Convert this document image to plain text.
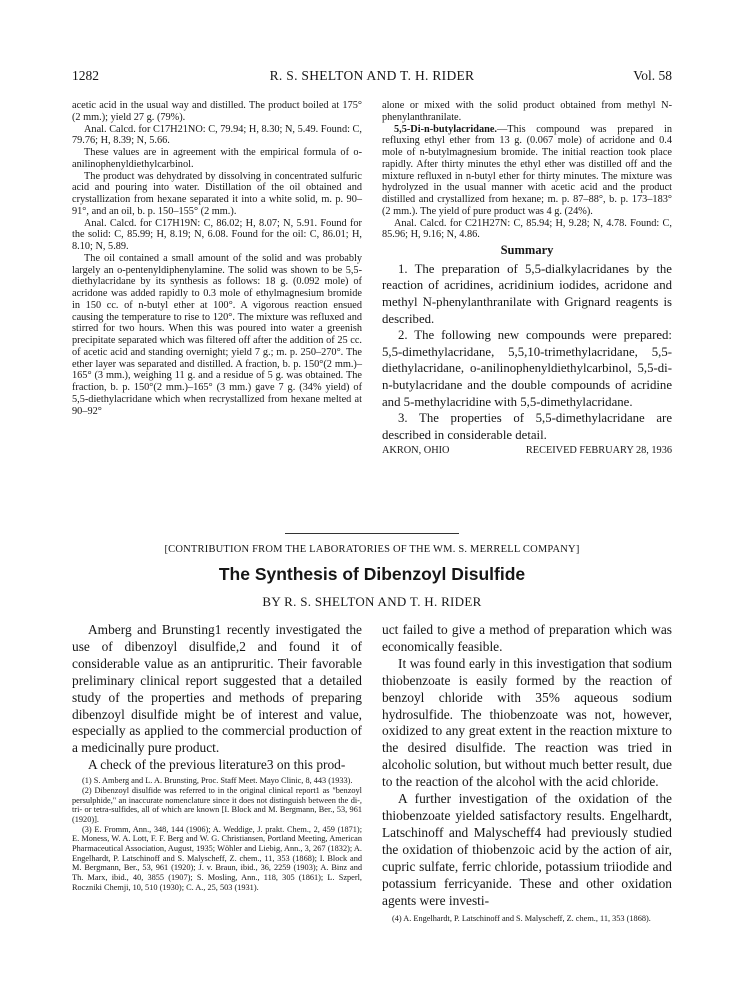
1282	R. S. SHELTON AND T. H. RIDER	Vol. 58

acetic acid in the usual way and distilled. The product boiled at 175° (2 mm.); yield 27 g. (79%).

Anal. Calcd. for C17H21NO: C, 79.94; H, 8.30; N, 5.49. Found: C, 79.76; H, 8.39; N, 5.66.

These values are in agreement with the empirical formula of o-anilinophenyldiethylcarbinol.

The product was dehydrated by dissolving in concentrated sulfuric acid and pouring into water. Distillation of the oil obtained and crystallization from hexane separated it into a white solid, m. p. 90–91°, and an oil, b. p. 150–155° (2 mm.).

Anal. Calcd. for C17H19N: C, 86.02; H, 8.07; N, 5.91. Found for the solid: C, 85.99; H, 8.19; N, 6.08. Found for the oil: C, 86.01; H, 8.10; N, 5.89.

The oil contained a small amount of the solid and was probably largely an o-pentenyldiphenylamine. The solid was shown to be 5,5-diethylacridane by its synthesis as follows: 18 g. (0.092 mole) of acridone was added rapidly to 0.3 mole of ethylmagnesium bromide in 150 cc. of n-butyl ether at 100°. A vigorous reaction ensued causing the temperature to rise to 120°. The mixture was refluxed and stirred for two hours. When this was poured into water a greenish precipitate separated which was filtered off after the addition of 25 cc. of acetic acid and standing overnight; yield 7 g.; m. p. 250–270°. The ether layer was separated and distilled. A fraction, b. p. 150°(2 mm.)–165° (3 mm.), weighing 11 g. and a residue of 5 g. was obtained. The fraction, b. p. 150°(2 mm.)–165° (3 mm.) gave 7 g. (34% yield) of 5,5-diethylacridane which when recrystallized from hexane melted at 90–92°

alone or mixed with the solid product obtained from methyl N-phenylanthranilate.

5,5-Di-n-butylacridane.—This compound was prepared in refluxing ethyl ether from 13 g. (0.067 mole) of acridone and 0.4 mole of n-butylmagnesium bromide. The initial reaction took place rapidly. After thirty minutes the ethyl ether was distilled off and the mixture refluxed in n-butyl ether for thirty minutes. The mixture was hydrolyzed in the usual manner with acetic acid and the product distilled and crystallized from hexane; m. p. 87–88°, b. p. 173–183° (2 mm.). The yield of pure product was 4 g. (24%).

Anal. Calcd. for C21H27N: C, 85.94; H, 9.28; N, 4.78. Found: C, 85.96; H, 9.16; N, 4.86.

Summary

1. The preparation of 5,5-dialkylacridanes by the reaction of acridines, acridinium iodides, acridone and methyl N-phenylanthranilate with Grignard reagents is described.

2. The following new compounds were prepared: 5,5-dimethylacridane, 5,5,10-trimethylacridane, 5,5-diethylacridane, o-anilinophenyldiethylcarbinol, 5,5-di-n-butylacridane and the double compounds of acridine and 5-methylacridine with 5,5-dimethylacridane.

3. The properties of 5,5-dimethylacridane are described in considerable detail.

AKRON, OHIO	RECEIVED FEBRUARY 28, 1936
[CONTRIBUTION FROM THE LABORATORIES OF THE WM. S. MERRELL COMPANY]
The Synthesis of Dibenzoyl Disulfide
BY R. S. SHELTON AND T. H. RIDER

Amberg and Brunsting1 recently investigated the use of dibenzoyl disulfide,2 and found it of considerable value as an antipruritic. Their favorable preliminary clinical report suggested that a detailed study of the properties and methods of preparing dibenzoyl disulfide might be of interest and value, especially as applied to the commercial production of a medicinally pure product.

A check of the previous literature3 on this prod-

(1) S. Amberg and L. A. Brunsting, Proc. Staff Meet. Mayo Clinic, 8, 443 (1933).

(2) Dibenzoyl disulfide was referred to in the original clinical report1 as "benzoyl persulphide," an inaccurate nomenclature since it does not distinguish between the di-, tri- or tetra-sulfides, all of which are known [I. Block and M. Bergmann, Ber., 53, 961 (1920)].

(3) E. Fromm, Ann., 348, 144 (1906); A. Weddige, J. prakt. Chem., 2, 459 (1871); E. Moness, W. A. Lott, F. F. Berg and W. G. Christiansen, Portland Meeting, American Pharmaceutical Association, August, 1935; Wöhler and Liebig, Ann., 3, 267 (1832); A. Engelhardt, P. Latschinoff and S. Malyscheff, Z. chem., 11, 353 (1868); I. Block and M. Bergmann, Ber., 53, 961 (1920); J. v. Braun, ibid., 36, 2259 (1903); A. Binz and Th. Marx, ibid., 40, 3855 (1907); S. Mosling, Ann., 118, 305 (1861); L. Szperl, Roczniki Chemji, 10, 510 (1930); C. A., 25, 503 (1931).

uct failed to give a method of preparation which was economically feasible.

It was found early in this investigation that sodium thiobenzoate is easily formed by the reaction of benzoyl chloride with 35% aqueous sodium hydrosulfide. The thiobenzoate was not, however, oxidized to any great extent in the reaction mixture to the desired disulfide. The reaction was tried in alcoholic solution, but without much better result, due to the reaction of the alcohol with the acid chloride.

A further investigation of the oxidation of the thiobenzoate yielded satisfactory results. Engelhardt, Latschinoff and Malyscheff4 had previously studied the oxidation of thiobenzoic acid by the action of air, cupric sulfate, ferric chloride, potassium triiodide and potassium ferricyanide. These and other oxidation agents were investi-

(4) A. Engelhardt, P. Latschinoff and S. Malyscheff, Z. chem., 11, 353 (1868).
